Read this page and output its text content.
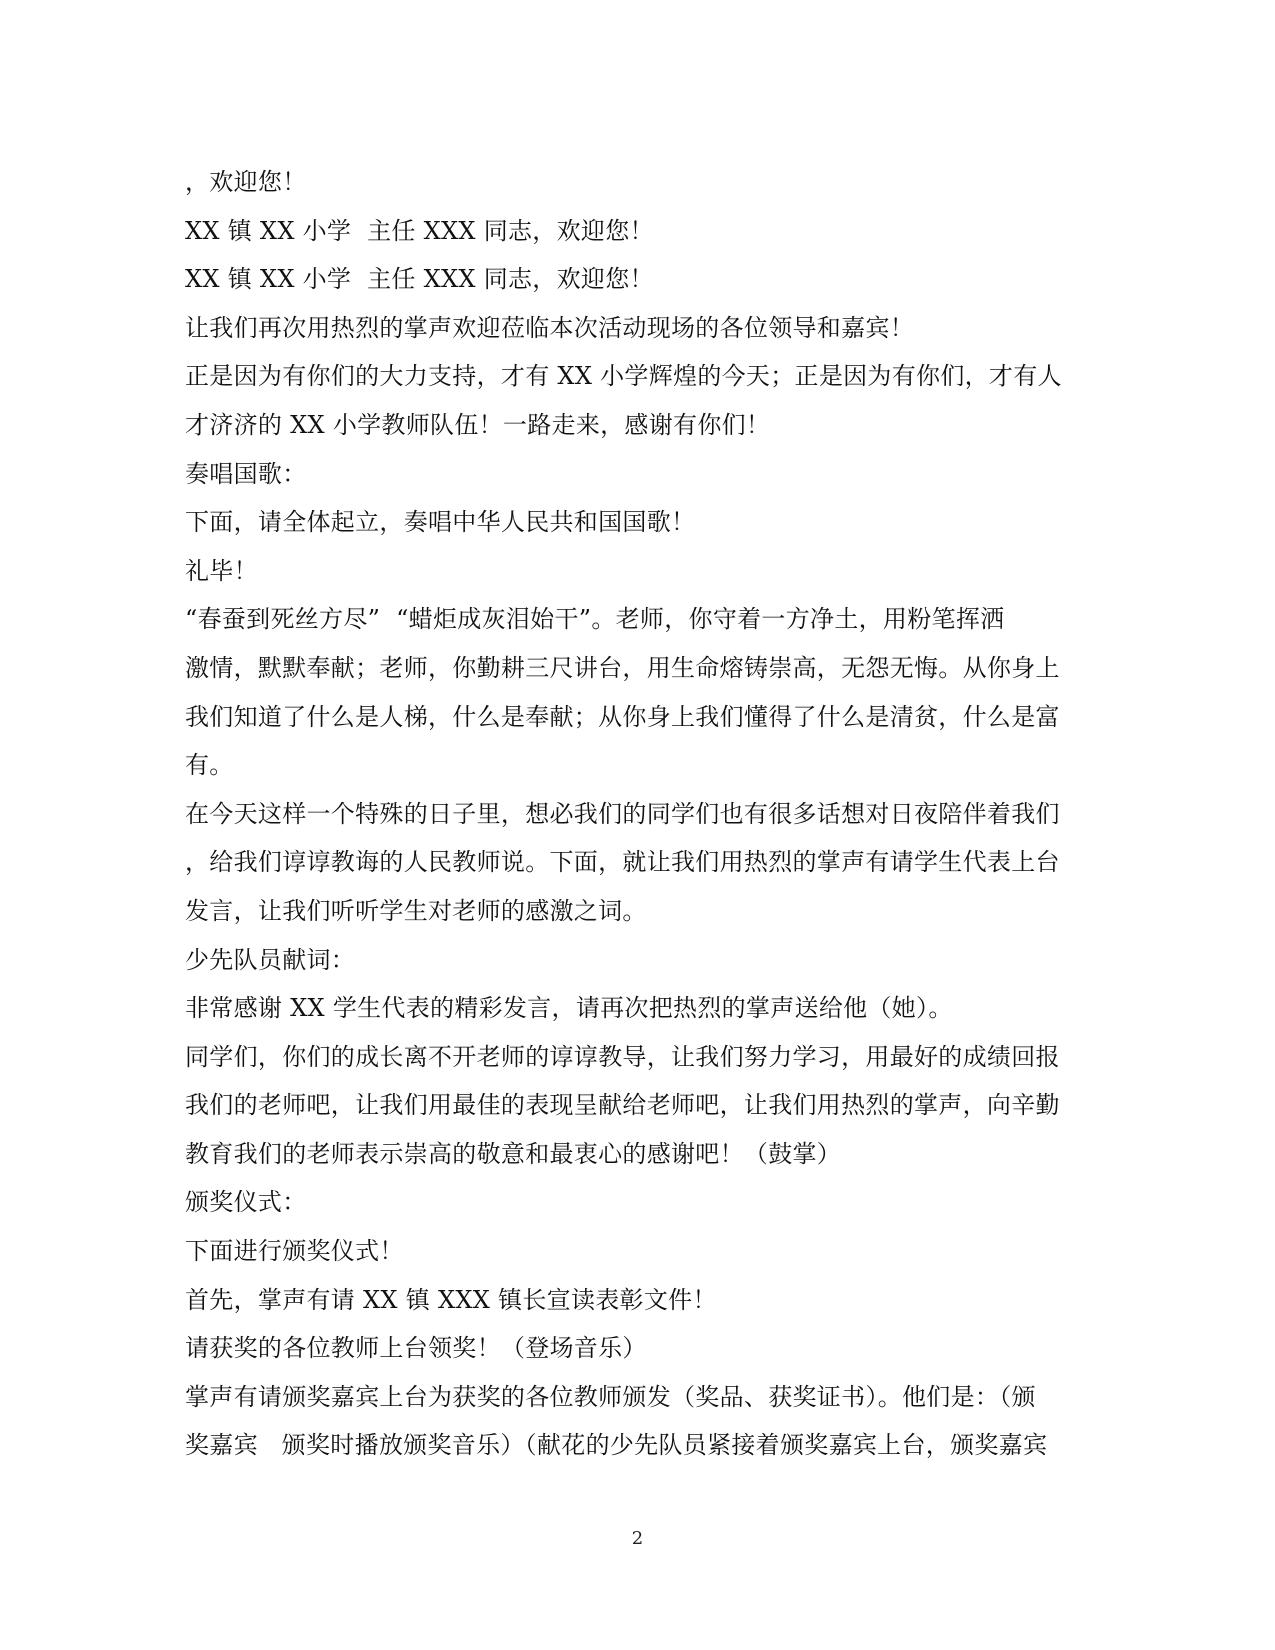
，欢迎您！
XX 镇 XX 小学  主任 XXX 同志，欢迎您！
XX 镇 XX 小学  主任 XXX 同志，欢迎您！
让我们再次用热烈的掌声欢迎莅临本次活动现场的各位领导和嘉宾！
正是因为有你们的大力支持，才有 XX 小学辉煌的今天；正是因为有你们，才有人
才济济的 XX 小学教师队伍！一路走来，感谢有你们！
奏唱国歌：
下面，请全体起立，奏唱中华人民共和国国歌！
礼毕！
“春蚕到死丝方尽”  “蜡炬成灰泪始干”。老师，你守着一方净土，用粉笔挥洒
激情，默默奉献；老师，你勤耕三尺讲台，用生命熔铸崇高，无怨无悔。从你身上
我们知道了什么是人梯，什么是奉献；从你身上我们懂得了什么是清贫，什么是富
有。
在今天这样一个特殊的日子里，想必我们的同学们也有很多话想对日夜陪伴着我们
，给我们谆谆教诲的人民教师说。下面，就让我们用热烈的掌声有请学生代表上台
发言，让我们听听学生对老师的感激之词。
少先队员献词：
非常感谢 XX 学生代表的精彩发言，请再次把热烈的掌声送给他（她）。
同学们，你们的成长离不开老师的谆谆教导，让我们努力学习，用最好的成绩回报
我们的老师吧，让我们用最佳的表现呈献给老师吧，让我们用热烈的掌声，向辛勤
教育我们的老师表示崇高的敬意和最衷心的感谢吧！（鼓掌）
颁奖仪式：
下面进行颁奖仪式！
首先，掌声有请 XX 镇 XXX 镇长宣读表彰文件！
请获奖的各位教师上台领奖！（登场音乐）
掌声有请颁奖嘉宾上台为获奖的各位教师颁发（奖品、获奖证书）。他们是：（颁
奖嘉宾   颁奖时播放颁奖音乐）（献花的少先队员紧接着颁奖嘉宾上台，颁奖嘉宾
2
